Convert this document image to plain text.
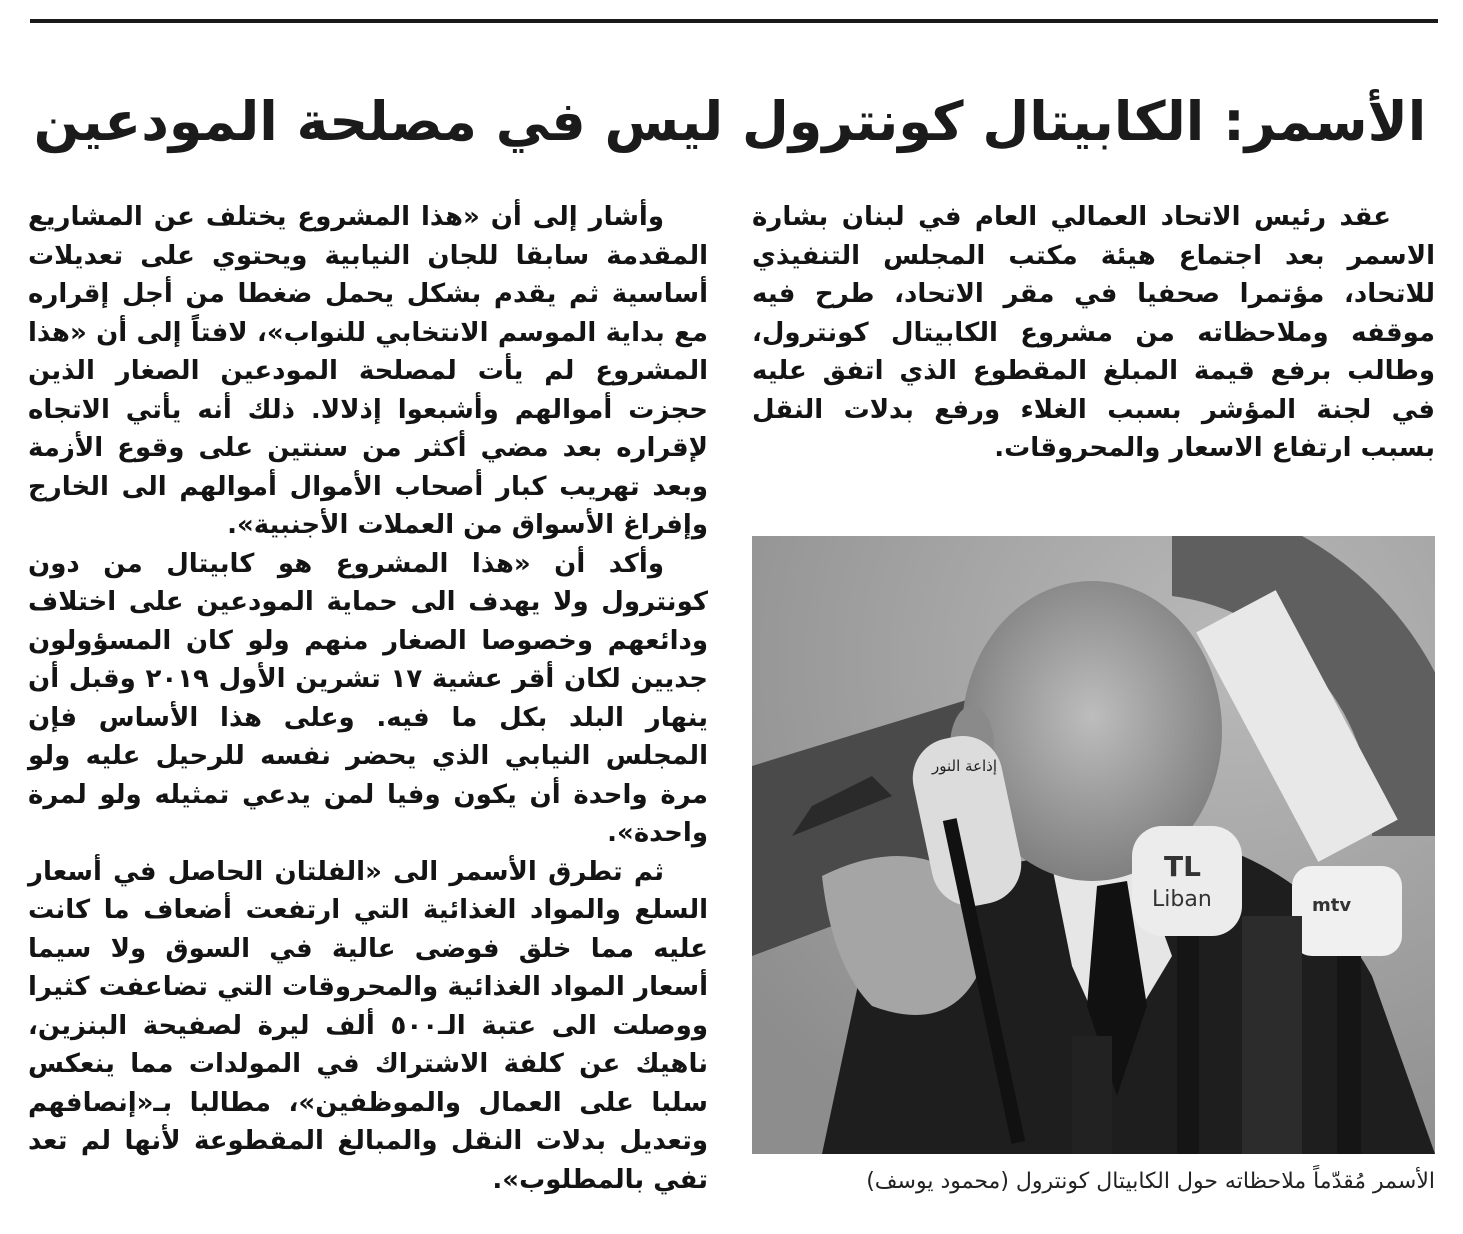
الأسمر: الكابيتال كونترول ليس في مصلحة المودعين

عقد رئيس الاتحاد العمالي العام في لبنان بشارة الاسمر بعد اجتماع هيئة مكتب المجلس التنفيذي للاتحاد، مؤتمرا صحفيا في مقر الاتحاد، طرح فيه موقفه وملاحظاته من مشروع الكابيتال كونترول، وطالب برفع قيمة المبلغ المقطوع الذي اتفق عليه في لجنة المؤشر بسبب الغلاء ورفع بدلات النقل بسبب ارتفاع الاسعار والمحروقات.

إذاعة النور
TL
Liban	mtv
الأسمر مُقدّماً ملاحظاته حول الكابيتال كونترول (محمود يوسف)

وأشار إلى أن «هذا المشروع يختلف عن المشاريع المقدمة سابقا للجان النيابية ويحتوي على تعديلات أساسية ثم يقدم بشكل يحمل ضغطا من أجل إقراره مع بداية الموسم الانتخابي للنواب»، لافتاً إلى أن «هذا المشروع لم يأت لمصلحة المودعين الصغار الذين حجزت أموالهم وأشبعوا إذلالا. ذلك أنه يأتي الاتجاه لإقراره بعد مضي أكثر من سنتين على وقوع الأزمة وبعد تهريب كبار أصحاب الأموال أموالهم الى الخارج وإفراغ الأسواق من العملات الأجنبية».

وأكد أن «هذا المشروع هو كابيتال من دون كونترول ولا يهدف الى حماية المودعين على اختلاف ودائعهم وخصوصا الصغار منهم ولو كان المسؤولون جديين لكان أقر عشية ١٧ تشرين الأول ٢٠١٩ وقبل أن ينهار البلد بكل ما فيه. وعلى هذا الأساس فإن المجلس النيابي الذي يحضر نفسه للرحيل عليه ولو مرة واحدة أن يكون وفيا لمن يدعي تمثيله ولو لمرة واحدة».

ثم تطرق الأسمر الى «الفلتان الحاصل في أسعار السلع والمواد الغذائية التي ارتفعت أضعاف ما كانت عليه مما خلق فوضى عالية في السوق ولا سيما أسعار المواد الغذائية والمحروقات التي تضاعفت كثيرا ووصلت الى عتبة الـ٥٠٠ ألف ليرة لصفيحة البنزين، ناهيك عن كلفة الاشتراك في المولدات مما ينعكس سلبا على العمال والموظفين»، مطالبا بـ«إنصافهم وتعديل بدلات النقل والمبالغ المقطوعة لأنها لم تعد تفي بالمطلوب».
